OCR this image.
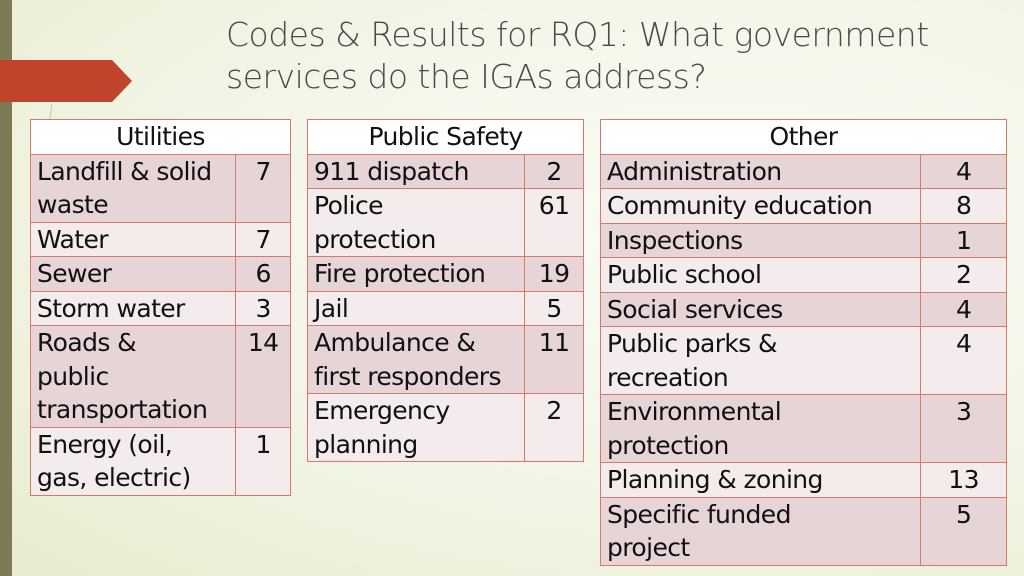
Codes & Results for RQ1: What government
services do the IGAs address?
Utilities	

Landfill & solid
waste	7

Water	7

Sewer	6

Storm water	3

Roads &
public
transportation	14

Energy (oil,
gas, electric)	1
Public Safety	

911 dispatch	2

Police
protection	61

Fire protection	19

Jail	5

Ambulance &
first responders	11

Emergency
planning	2
Other	

Administration	4

Community education	8

Inspections	1

Public school	2

Social services	4

Public parks &
recreation	4

Environmental
protection	3

Planning & zoning	13

Specific funded
project	5
